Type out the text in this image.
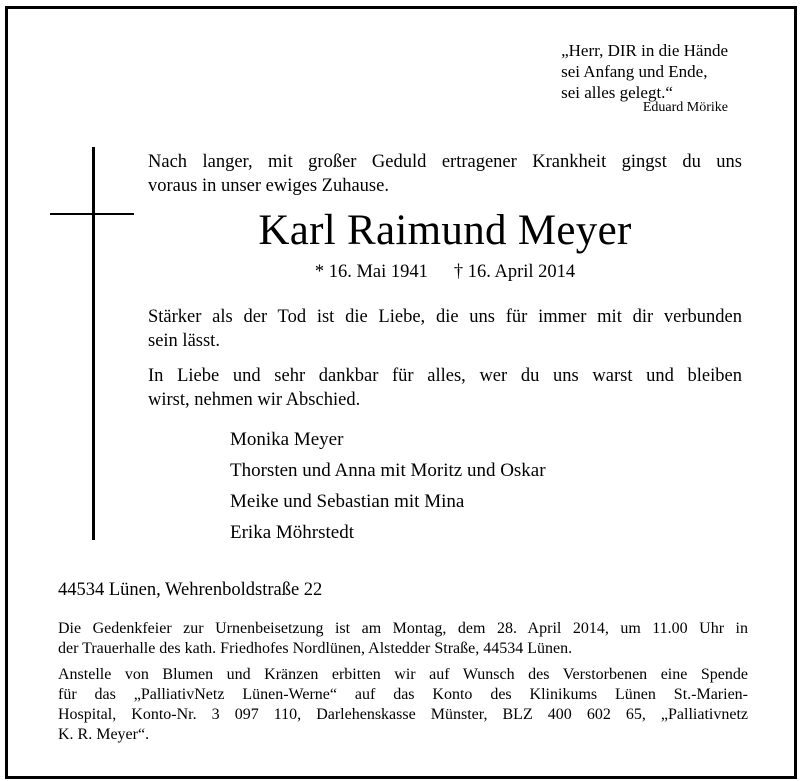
„Herr, DIR in die Hände
sei Anfang und Ende,
sei alles gelegt.“
Eduard Mörike
Nach langer, mit großer Geduld ertragener Krankheit gingst du uns
voraus in unser ewiges Zuhause.
Karl Raimund Meyer
* 16. Mai 1941 † 16. April 2014
Stärker als der Tod ist die Liebe, die uns für immer mit dir verbunden
sein lässt.
In Liebe und sehr dankbar für alles, wer du uns warst und bleiben
wirst, nehmen wir Abschied.
Monika Meyer
Thorsten und Anna mit Moritz und Oskar
Meike und Sebastian mit Mina
Erika Möhrstedt
44534 Lünen, Wehrenboldstraße 22
Die Gedenkfeier zur Urnenbeisetzung ist am Montag, dem 28. April 2014, um 11.00 Uhr in
der Trauerhalle des kath. Friedhofes Nordlünen, Alstedder Straße, 44534 Lünen.
Anstelle von Blumen und Kränzen erbitten wir auf Wunsch des Verstorbenen eine Spende
für das „PalliativNetz Lünen-Werne“ auf das Konto des Klinikums Lünen St.-Marien-
Hospital, Konto-Nr. 3 097 110, Darlehenskasse Münster, BLZ 400 602 65, „Palliativnetz
K. R. Meyer“.
